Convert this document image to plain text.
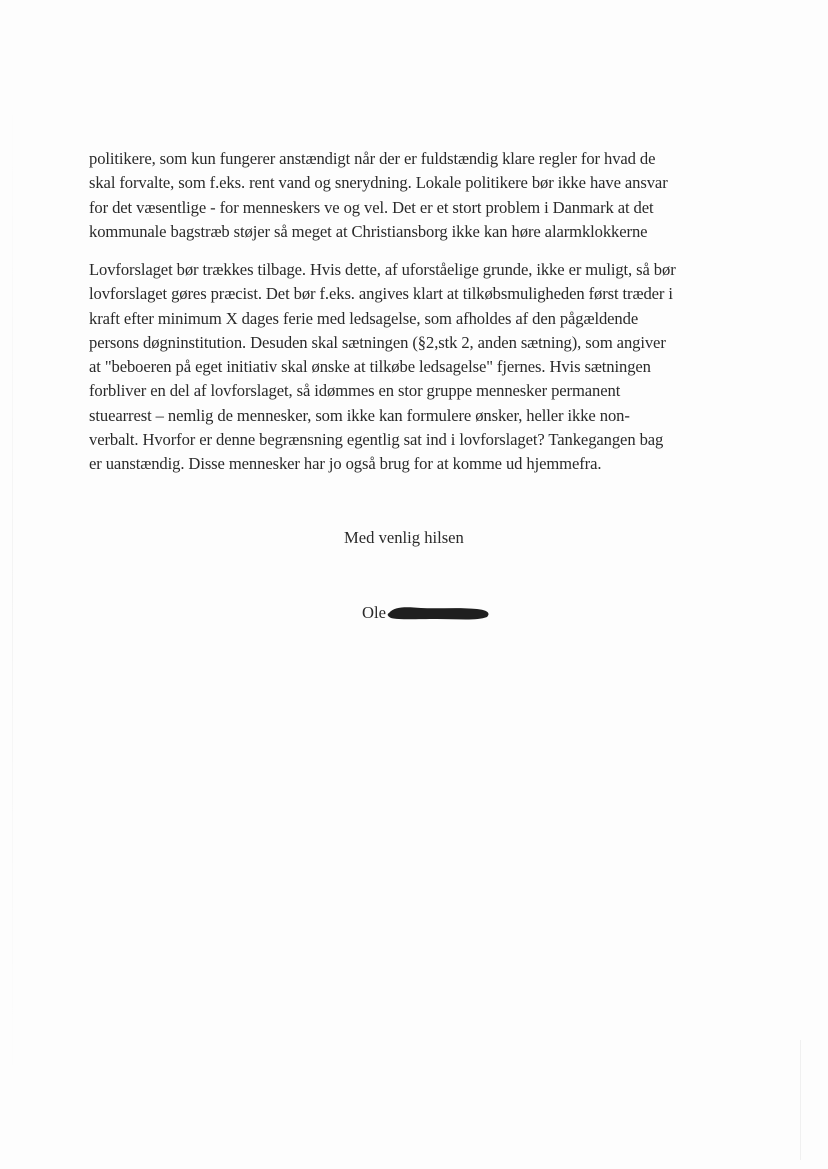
politikere, som kun fungerer anstændigt når der er fuldstændig klare regler for hvad de
skal forvalte, som f.eks. rent vand og snerydning. Lokale politikere bør ikke have ansvar
for det væsentlige - for menneskers ve og vel. Det er et stort problem i Danmark at det
kommunale bagstræb støjer så meget at Christiansborg ikke kan høre alarmklokkerne

Lovforslaget bør trækkes tilbage. Hvis dette, af uforståelige grunde, ikke er muligt, så bør
lovforslaget gøres præcist. Det bør f.eks. angives klart at tilkøbsmuligheden først træder i
kraft efter minimum X dages ferie med ledsagelse, som afholdes af den pågældende
persons døgninstitution. Desuden skal sætningen (§2,stk 2, anden sætning), som angiver
at "beboeren på eget initiativ skal ønske at tilkøbe ledsagelse" fjernes. Hvis sætningen
forbliver en del af lovforslaget, så idømmes en stor gruppe mennesker permanent
stuearrest – nemlig de mennesker, som ikke kan formulere ønsker, heller ikke non-
verbalt. Hvorfor er denne begrænsning egentlig sat ind i lovforslaget? Tankegangen bag
er uanstændig. Disse mennesker har jo også brug for at komme ud hjemmefra.

Med venlig hilsen

Ole
